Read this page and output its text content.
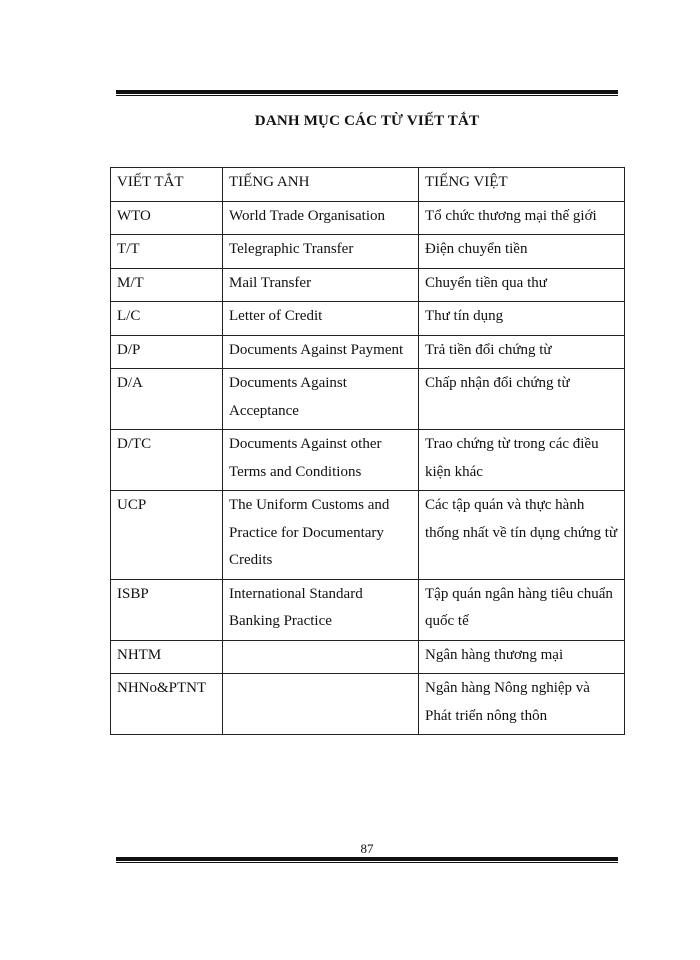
DANH MỤC CÁC TỪ VIẾT TẮT
VIẾT TẮT	TIẾNG ANH	TIẾNG VIỆT
WTO	World Trade Organisation	Tổ chức thương mại thế giới
T/T	Telegraphic Transfer	Điện chuyển tiền
M/T	Mail Transfer	Chuyển tiền qua thư
L/C	Letter of Credit	Thư tín dụng
D/P	Documents Against Payment	Trả tiền đổi chứng từ
D/A	Documents Against Acceptance	Chấp nhận đổi chứng từ
D/TC	Documents Against other Terms and Conditions	Trao chứng từ trong các điều kiện khác
UCP	The Uniform Customs and Practice for Documentary Credits	Các tập quán và thực hành thống nhất về tín dụng chứng từ
ISBP	International Standard Banking Practice	Tập quán ngân hàng tiêu chuẩn quốc tế
NHTM		Ngân hàng thương mại
NHNo&PTNT		Ngân hàng Nông nghiệp và Phát triển nông thôn
87
